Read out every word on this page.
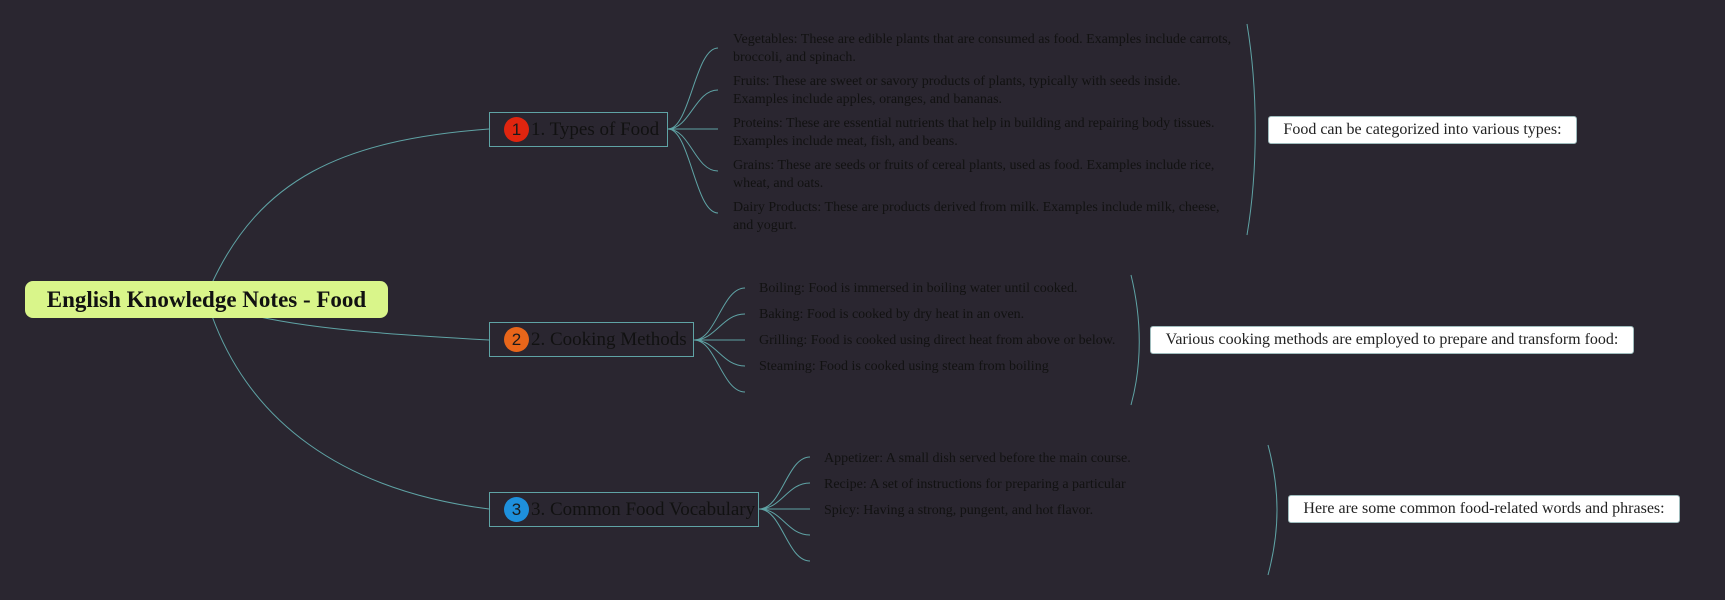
English Knowledge Notes - Food
1 1. Types of Food
Vegetables: These are edible plants that are consumed as food. Examples include carrots, broccoli, and spinach.
Fruits: These are sweet or savory products of plants, typically with seeds inside. Examples include apples, oranges, and bananas.
Proteins: These are essential nutrients that help in building and repairing body tissues. Examples include meat, fish, and beans.
Grains: These are seeds or fruits of cereal plants, used as food. Examples include rice, wheat, and oats.
Dairy Products: These are products derived from milk. Examples include milk, cheese, and yogurt.
Food can be categorized into various types:
2 2. Cooking Methods
Boiling: Food is immersed in boiling water until cooked.
Baking: Food is cooked by dry heat in an oven.
Grilling: Food is cooked using direct heat from above or below.
Steaming: Food is cooked using steam from boiling
Various cooking methods are employed to prepare and transform food:
3 3. Common Food Vocabulary
Appetizer: A small dish served before the main course.
Recipe: A set of instructions for preparing a particular
Spicy: Having a strong, pungent, and hot flavor.	Here are some common food-related words and phrases:
